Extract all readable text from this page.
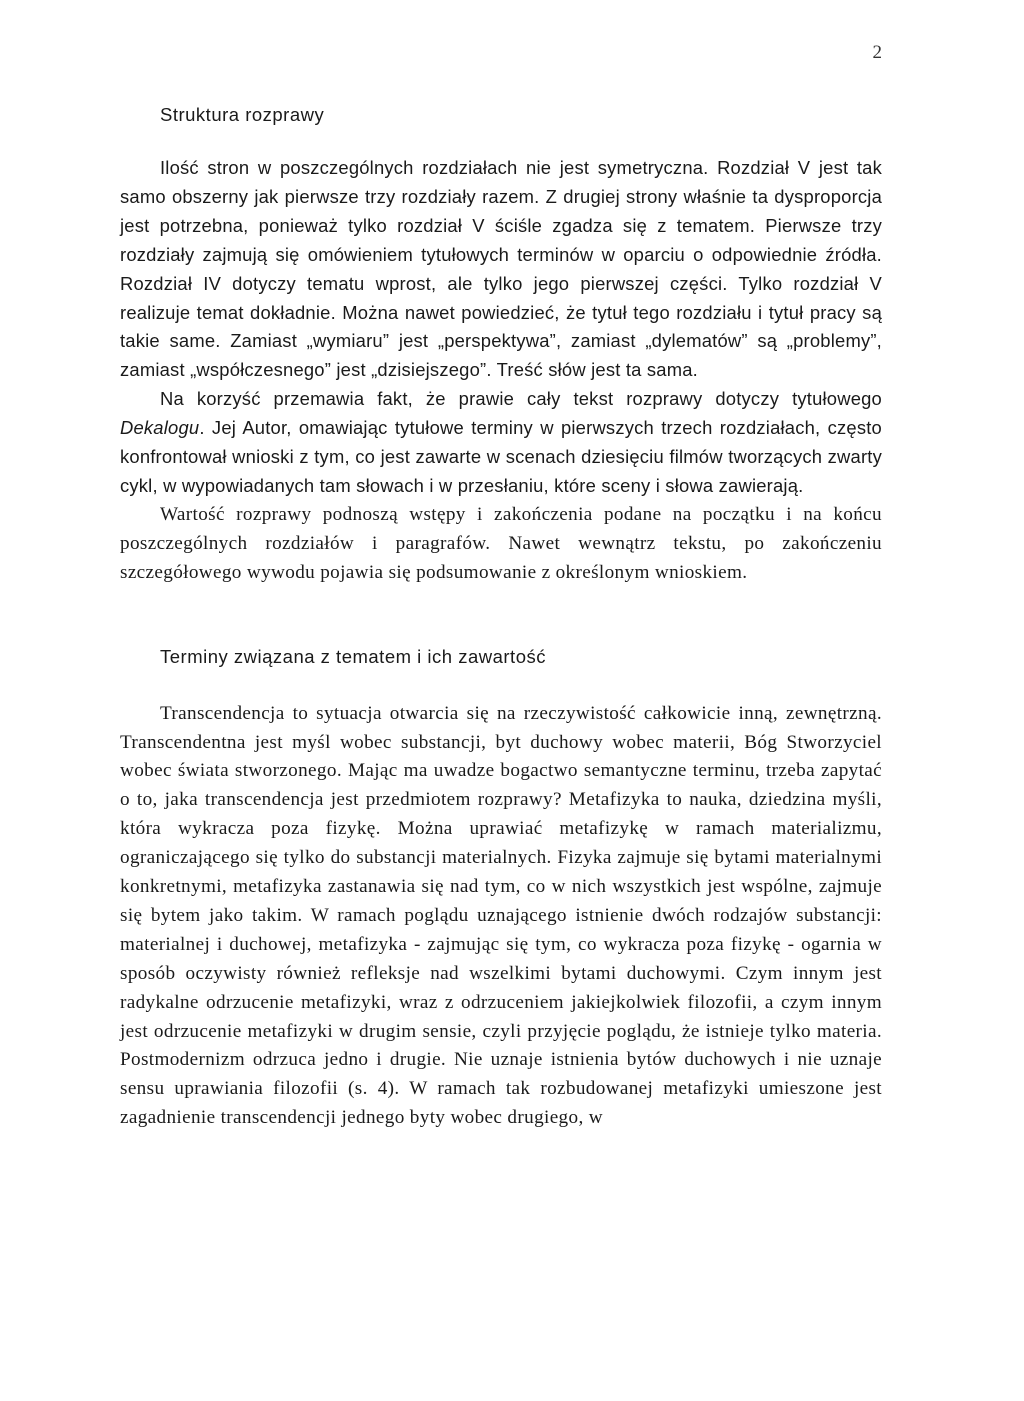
2
Struktura rozprawy

Ilość stron w poszczególnych rozdziałach nie jest symetryczna. Rozdział V jest tak samo obszerny jak pierwsze trzy rozdziały razem. Z drugiej strony właśnie ta dysproporcja jest potrzebna, ponieważ tylko rozdział V ściśle zgadza się z tematem. Pierwsze trzy rozdziały zajmują się omówieniem tytułowych terminów w oparciu o odpowiednie źródła. Rozdział IV dotyczy tematu wprost, ale tylko jego pierwszej części. Tylko rozdział V realizuje temat dokładnie. Można nawet powiedzieć, że tytuł tego rozdziału i tytuł pracy są takie same. Zamiast „wymiaru” jest „perspektywa”, zamiast „dylematów” są „problemy”, zamiast „współczesnego” jest „dzisiejszego”. Treść słów jest ta sama.

Na korzyść przemawia fakt, że prawie cały tekst rozprawy dotyczy tytułowego Dekalogu. Jej Autor, omawiając tytułowe terminy w pierwszych trzech rozdziałach, często konfrontował wnioski z tym, co jest zawarte w scenach dziesięciu filmów tworzących zwarty cykl, w wypowiadanych tam słowach i w przesłaniu, które sceny i słowa zawierają.

Wartość rozprawy podnoszą wstępy i zakończenia podane na początku i na końcu poszczególnych rozdziałów i paragrafów. Nawet wewnątrz tekstu, po zakończeniu szczegółowego wywodu pojawia się podsumowanie z określonym wnioskiem.

Terminy związana z tematem i ich zawartość

Transcendencja to sytuacja otwarcia się na rzeczywistość całkowicie inną, zewnętrzną. Transcendentna jest myśl wobec substancji, byt duchowy wobec materii, Bóg Stworzyciel wobec świata stworzonego. Mając ma uwadze bogactwo semantyczne terminu, trzeba zapytać o to, jaka transcendencja jest przedmiotem rozprawy? Metafizyka to nauka, dziedzina myśli, która wykracza poza fizykę. Można uprawiać metafizykę w ramach materializmu, ograniczającego się tylko do substancji materialnych. Fizyka zajmuje się bytami materialnymi konkretnymi, metafizyka zastanawia się nad tym, co w nich wszystkich jest wspólne, zajmuje się bytem jako takim. W ramach poglądu uznającego istnienie dwóch rodzajów substancji: materialnej i duchowej, metafizyka - zajmując się tym, co wykracza poza fizykę - ogarnia w sposób oczywisty również refleksje nad wszelkimi bytami duchowymi. Czym innym jest radykalne odrzucenie metafizyki, wraz z odrzuceniem jakiejkolwiek filozofii, a czym innym jest odrzucenie metafizyki w drugim sensie, czyli przyjęcie poglądu, że istnieje tylko materia. Postmodernizm odrzuca jedno i drugie. Nie uznaje istnienia bytów duchowych i nie uznaje sensu uprawiania filozofii (s. 4). W ramach tak rozbudowanej metafizyki umieszone jest zagadnienie transcendencji jednego byty wobec drugiego, w
